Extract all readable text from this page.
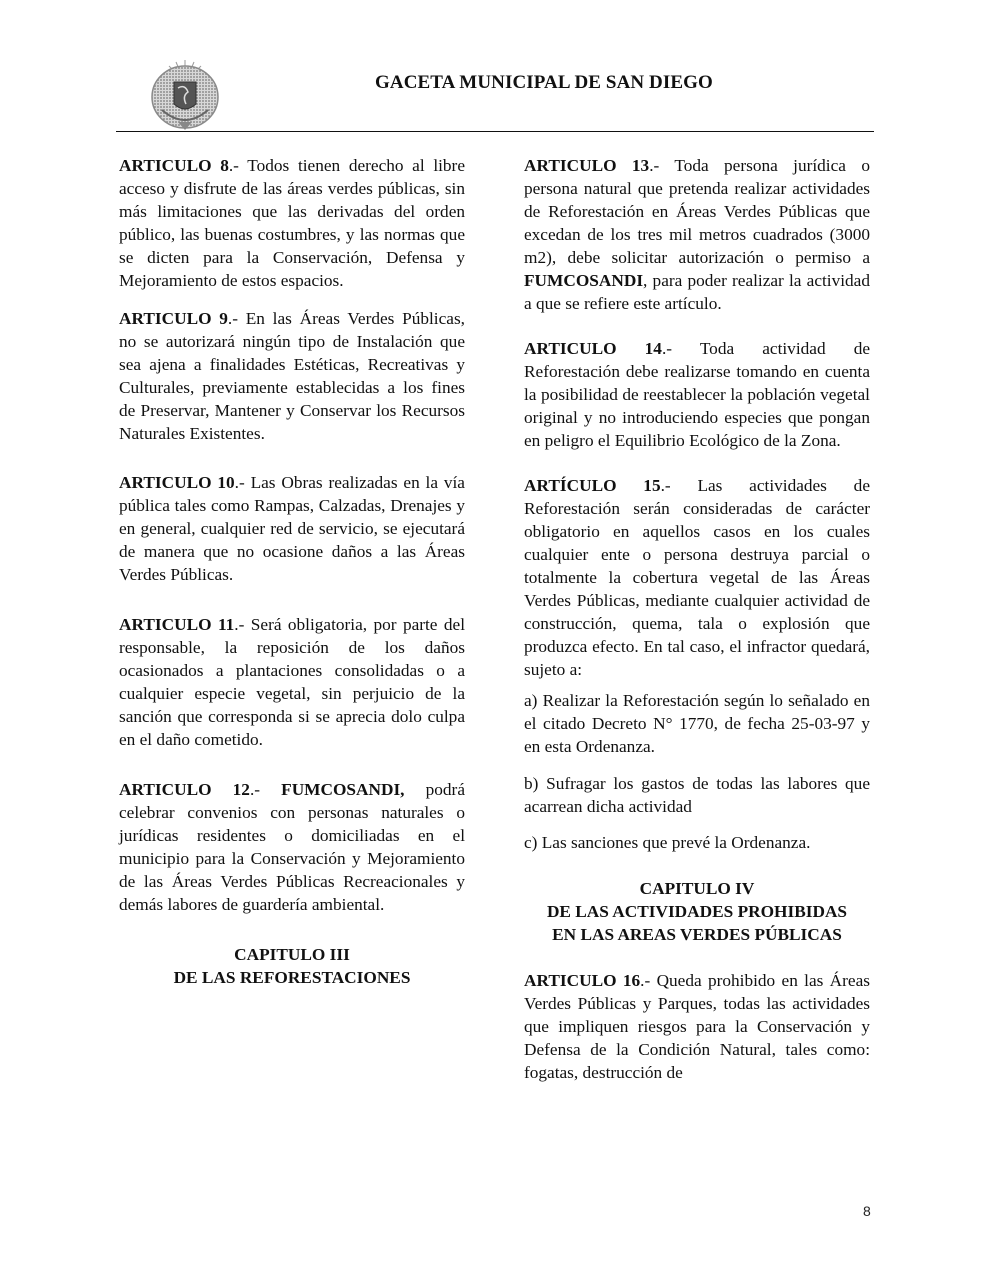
GACETA MUNICIPAL DE SAN DIEGO

ARTICULO 8.- Todos tienen derecho al libre acceso y disfrute de las áreas verdes públicas, sin más limitaciones que las derivadas del orden público, las buenas costumbres, y las normas que se dicten para la Conservación, Defensa y Mejoramiento de estos espacios.

ARTICULO 9.- En las Áreas Verdes Públicas, no se autorizará ningún tipo de Instalación que sea ajena a finalidades Estéticas, Recreativas y Culturales, previamente establecidas a los fines de Preservar, Mantener y Conservar los Recursos Naturales Existentes.

ARTICULO 10.- Las Obras realizadas en la vía pública tales como Rampas, Calzadas, Drenajes y en general, cualquier red de servicio, se ejecutará de manera que no ocasione daños a las Áreas Verdes Públicas.

ARTICULO 11.- Será obligatoria, por parte del responsable, la reposición de los daños ocasionados a plantaciones consolidadas o a cualquier especie vegetal, sin perjuicio de la sanción que corresponda si se aprecia dolo culpa en el daño cometido.

ARTICULO 12.- FUMCOSANDI, podrá celebrar convenios con personas naturales o jurídicas residentes o domiciliadas en el municipio para la Conservación y Mejoramiento de las Áreas Verdes Públicas Recreacionales y demás labores de guardería ambiental.

CAPITULO III
DE LAS REFORESTACIONES

ARTICULO 13.- Toda persona jurídica o persona natural que pretenda realizar actividades de Reforestación en Áreas Verdes Públicas que excedan de los tres mil metros cuadrados (3000 m2), debe solicitar autorización o permiso a FUMCOSANDI, para poder realizar la actividad a que se refiere este artículo.

ARTICULO 14.- Toda actividad de Reforestación debe realizarse tomando en cuenta la posibilidad de reestablecer la población vegetal original y no introduciendo especies que pongan en peligro el Equilibrio Ecológico de la Zona.

ARTÍCULO 15.- Las actividades de Reforestación serán consideradas de carácter obligatorio en aquellos casos en los cuales cualquier ente o persona destruya parcial o totalmente la cobertura vegetal de las Áreas Verdes Públicas, mediante cualquier actividad de construcción, quema, tala o explosión que produzca efecto. En tal caso, el infractor quedará, sujeto a:

a) Realizar la Reforestación según lo señalado en el citado Decreto N° 1770, de fecha 25-03-97 y en esta Ordenanza.

b) Sufragar los gastos de todas las labores que acarrean dicha actividad

c) Las sanciones que prevé la Ordenanza.

CAPITULO IV
DE LAS ACTIVIDADES PROHIBIDAS
EN LAS AREAS VERDES PÚBLICAS

ARTICULO 16.- Queda prohibido en las Áreas Verdes Públicas y Parques, todas las actividades que impliquen riesgos para la Conservación y Defensa de la Condición Natural, tales como: fogatas, destrucción de

8
